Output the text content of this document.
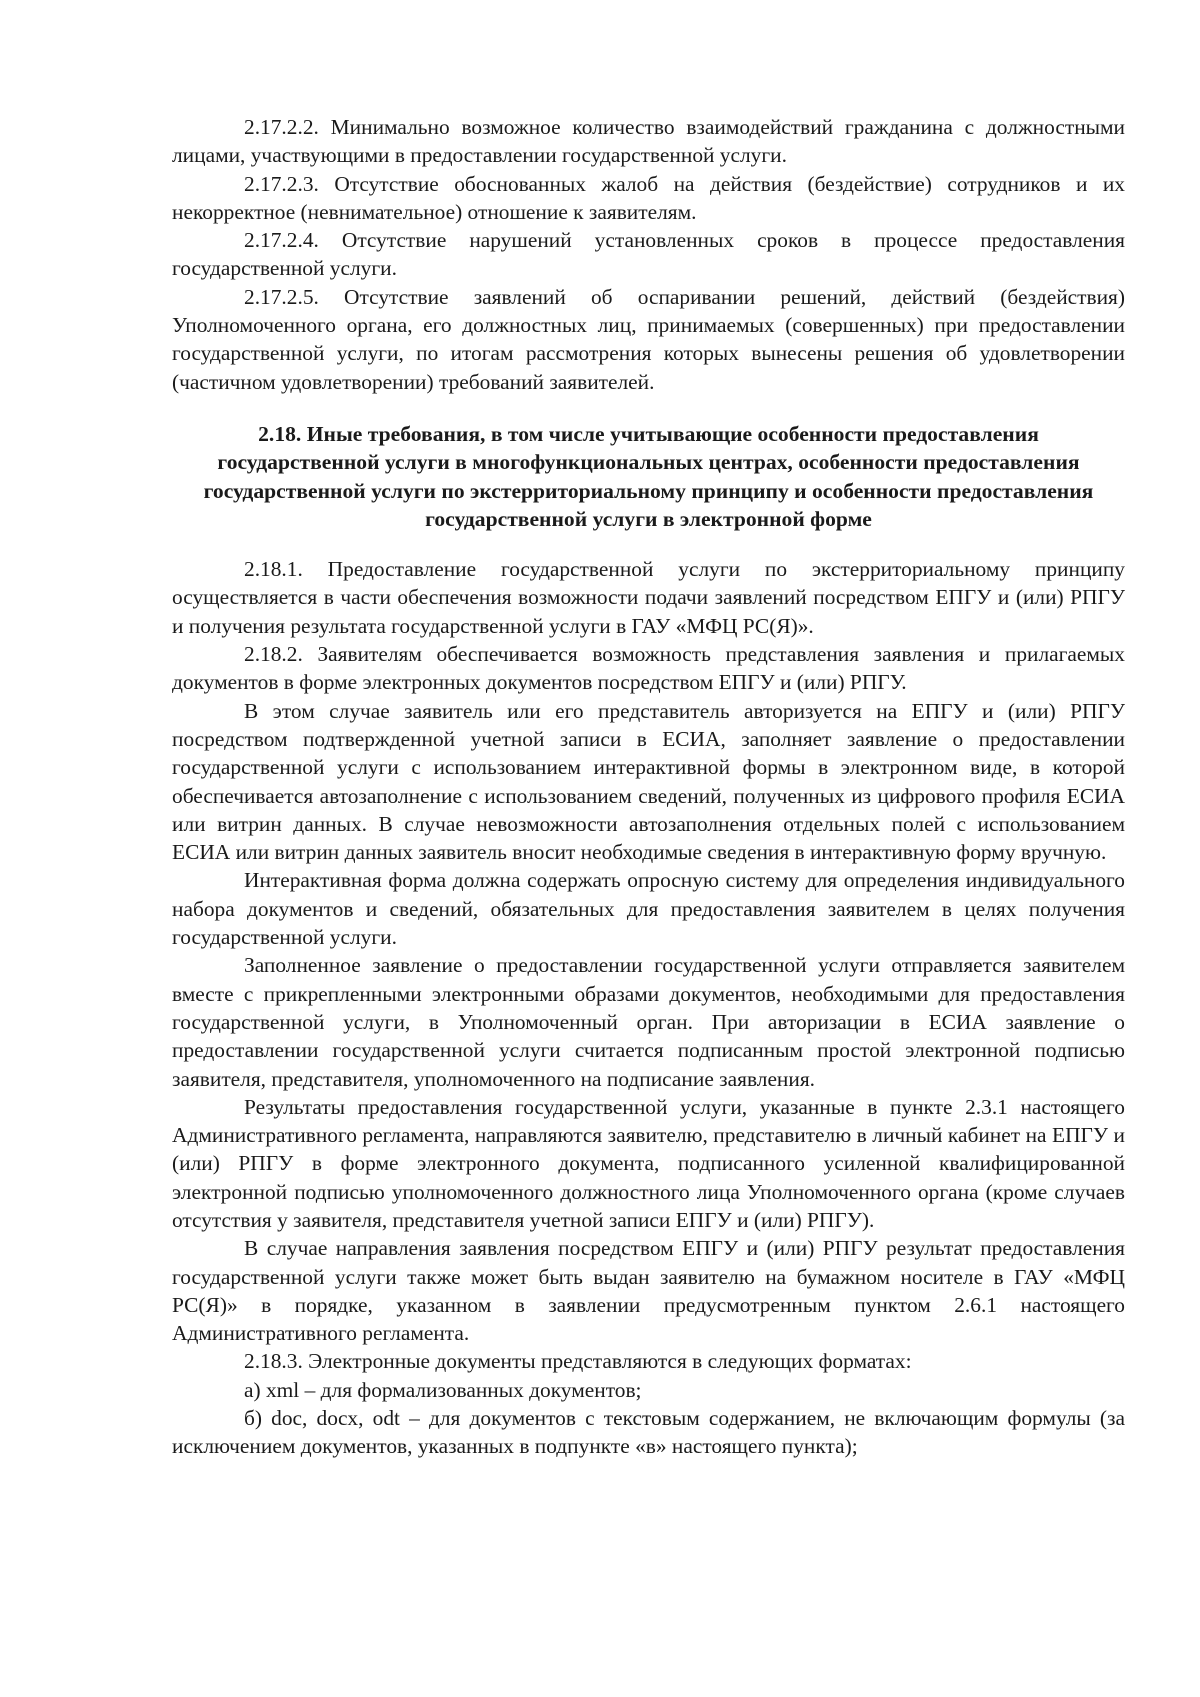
2.17.2.2. Минимально возможное количество взаимодействий гражданина с должностными лицами, участвующими в предоставлении государственной услуги.

2.17.2.3. Отсутствие обоснованных жалоб на действия (бездействие) сотрудников и их некорректное (невнимательное) отношение к заявителям.

2.17.2.4. Отсутствие нарушений установленных сроков в процессе предоставления государственной услуги.

2.17.2.5. Отсутствие заявлений об оспаривании решений, действий (бездействия) Уполномоченного органа, его должностных лиц, принимаемых (совершенных) при предоставлении государственной услуги, по итогам рассмотрения которых вынесены решения об удовлетворении (частичном удовлетворении) требований заявителей.

2.18. Иные требования, в том числе учитывающие особенности предоставления государственной услуги в многофункциональных центрах, особенности предоставления государственной услуги по экстерриториальному принципу и особенности предоставления государственной услуги в электронной форме

2.18.1. Предоставление государственной услуги по экстерриториальному принципу осуществляется в части обеспечения возможности подачи заявлений посредством ЕПГУ и (или) РПГУ и получения результата государственной услуги в ГАУ «МФЦ РС(Я)».

2.18.2. Заявителям обеспечивается возможность представления заявления и прилагаемых документов в форме электронных документов посредством ЕПГУ и (или) РПГУ.

В этом случае заявитель или его представитель авторизуется на ЕПГУ и (или) РПГУ посредством подтвержденной учетной записи в ЕСИА, заполняет заявление о предоставлении государственной услуги с использованием интерактивной формы в электронном виде, в которой обеспечивается автозаполнение с использованием сведений, полученных из цифрового профиля ЕСИА или витрин данных. В случае невозможности автозаполнения отдельных полей с использованием ЕСИА или витрин данных заявитель вносит необходимые сведения в интерактивную форму вручную.

Интерактивная форма должна содержать опросную систему для определения индивидуального набора документов и сведений, обязательных для предоставления заявителем в целях получения государственной услуги.

Заполненное заявление о предоставлении государственной услуги отправляется заявителем вместе с прикрепленными электронными образами документов, необходимыми для предоставления государственной услуги, в Уполномоченный орган. При авторизации в ЕСИА заявление о предоставлении государственной услуги считается подписанным простой электронной подписью заявителя, представителя, уполномоченного на подписание заявления.

Результаты предоставления государственной услуги, указанные в пункте 2.3.1 настоящего Административного регламента, направляются заявителю, представителю в личный кабинет на ЕПГУ и (или) РПГУ в форме электронного документа, подписанного усиленной квалифицированной электронной подписью уполномоченного должностного лица Уполномоченного органа (кроме случаев отсутствия у заявителя, представителя учетной записи ЕПГУ и (или) РПГУ).

В случае направления заявления посредством ЕПГУ и (или) РПГУ результат предоставления государственной услуги также может быть выдан заявителю на бумажном носителе в ГАУ «МФЦ РС(Я)» в порядке, указанном в заявлении предусмотренным пунктом 2.6.1 настоящего Административного регламента.

2.18.3. Электронные документы представляются в следующих форматах:

а) xml – для формализованных документов;

б) doc, docx, odt – для документов с текстовым содержанием, не включающим формулы (за исключением документов, указанных в подпункте «в» настоящего пункта);
